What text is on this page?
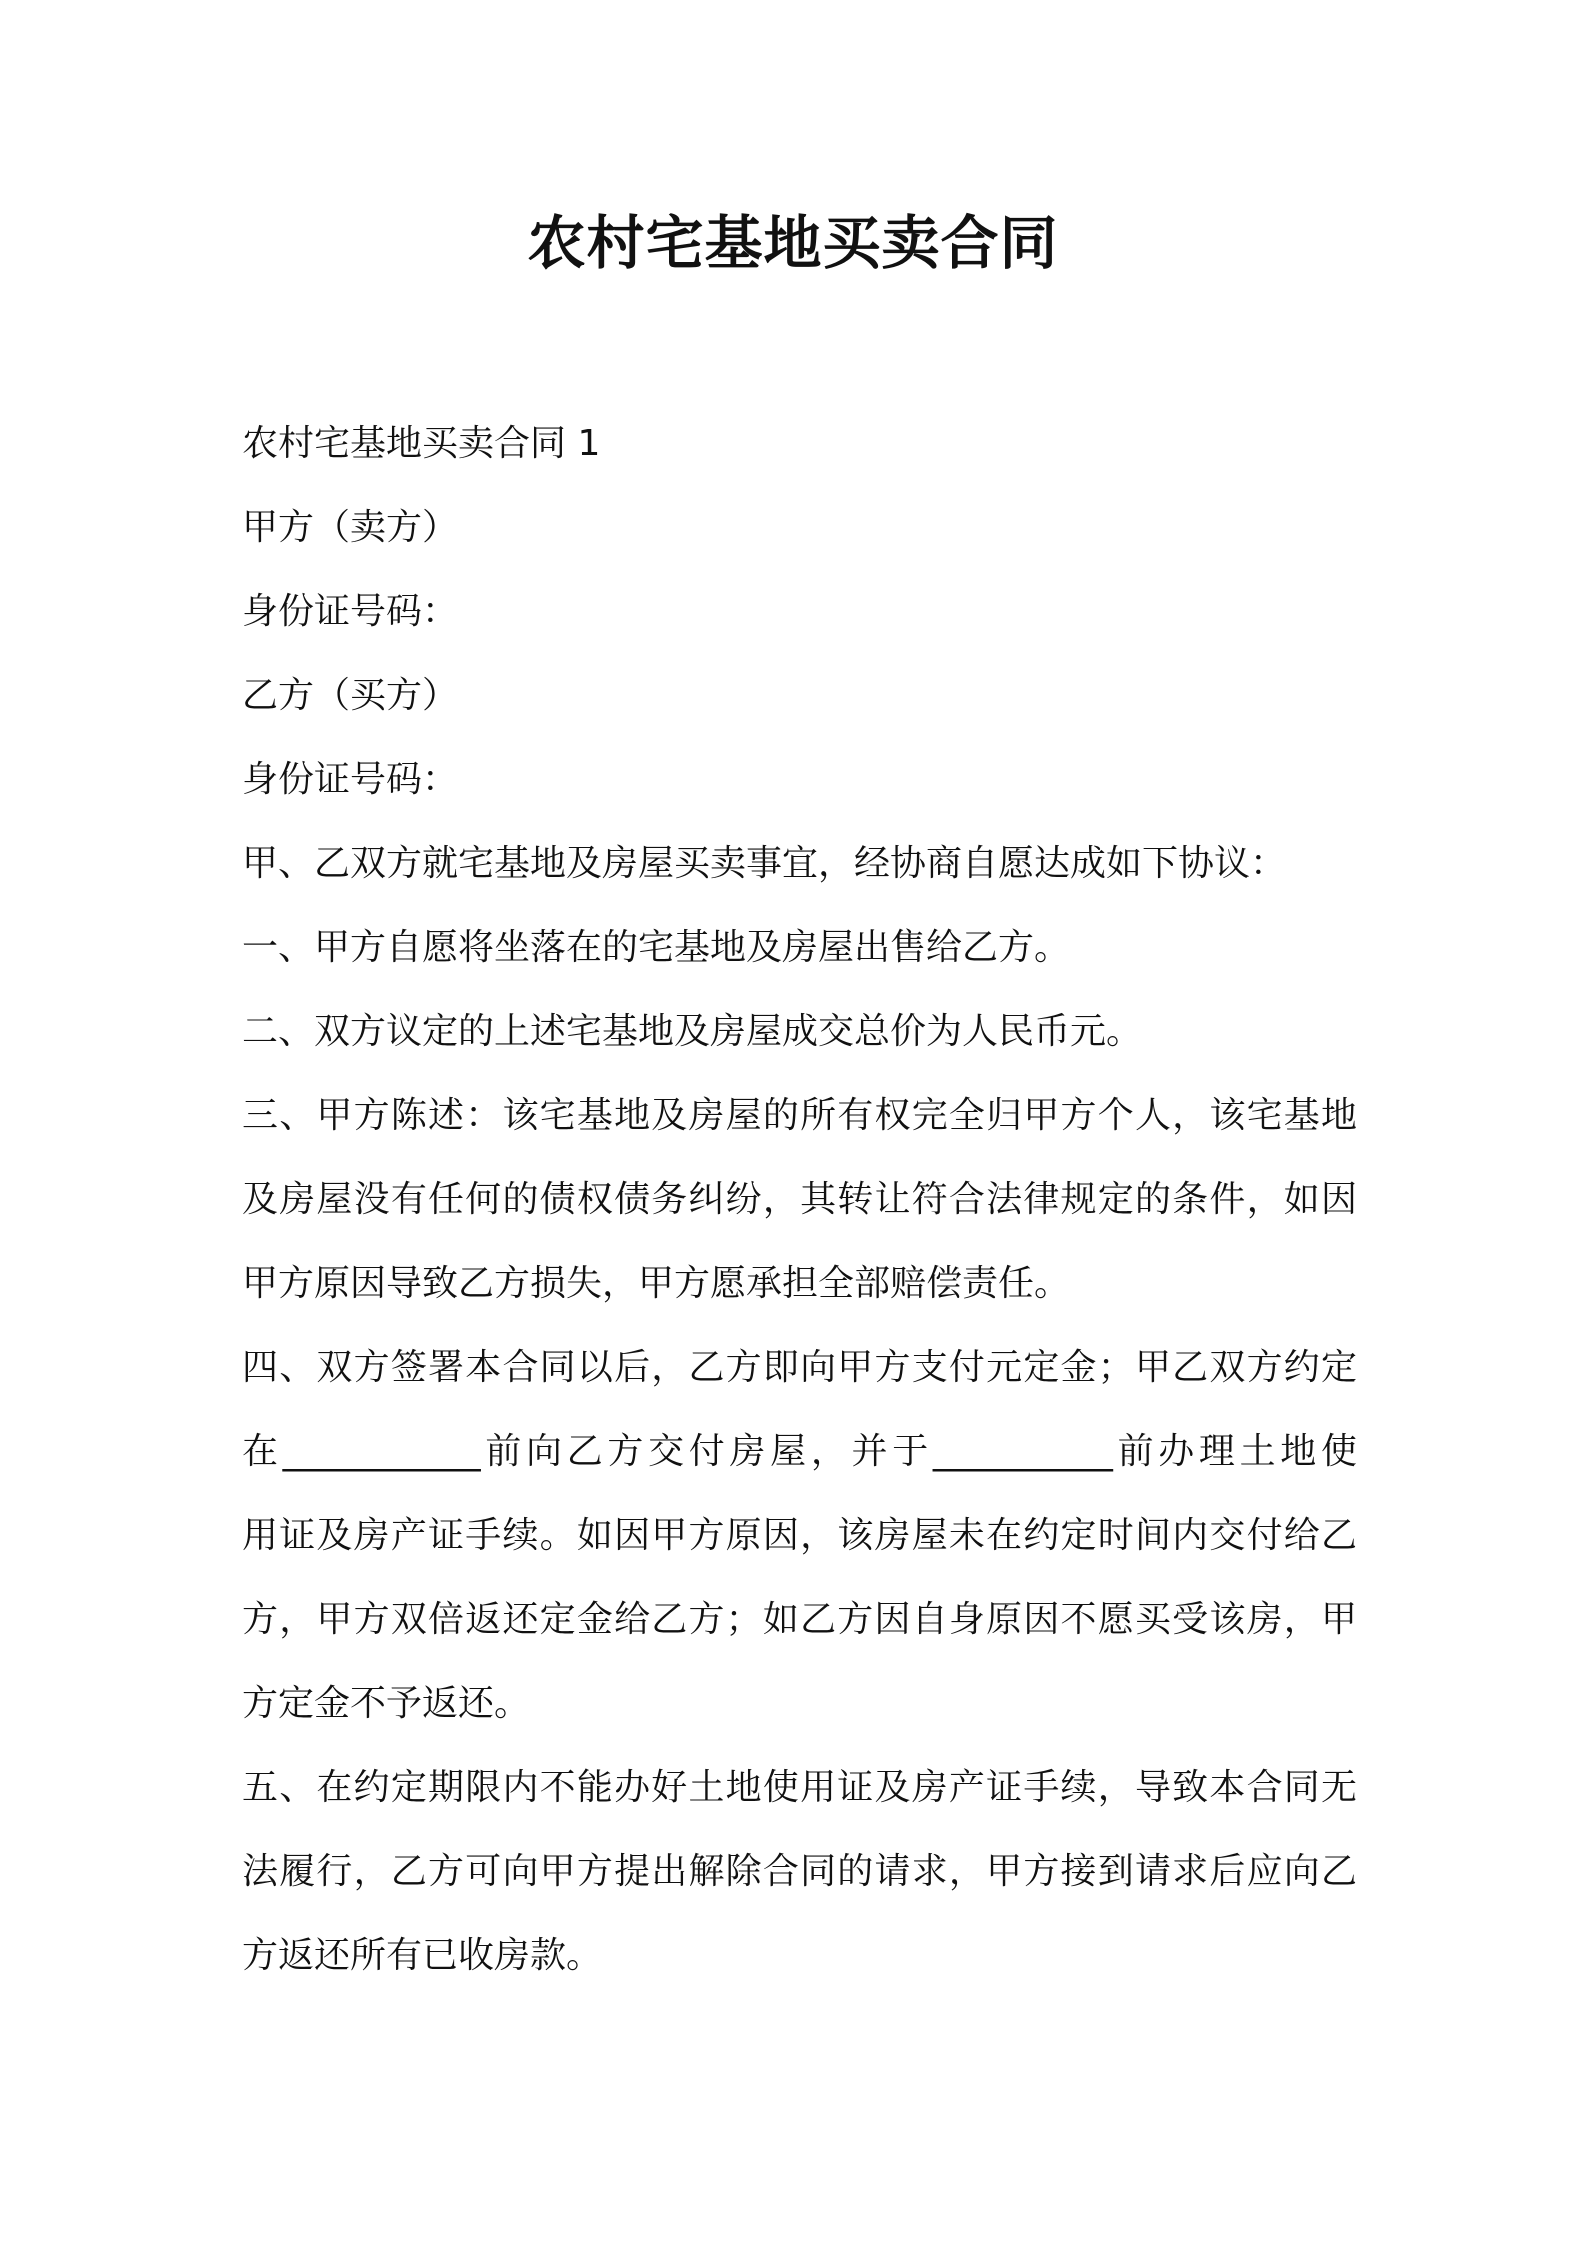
农村宅基地买卖合同
农村宅基地买卖合同 1
甲方（卖方）
身份证号码：
乙方（买方）
身份证号码：
甲、乙双方就宅基地及房屋买卖事宜，经协商自愿达成如下协议：
一、甲方自愿将坐落在的宅基地及房屋出售给乙方。
二、双方议定的上述宅基地及房屋成交总价为人民币元。
三、甲方陈述：该宅基地及房屋的所有权完全归甲方个人，该宅基地
及房屋没有任何的债权债务纠纷，其转让符合法律规定的条件，如因
甲方原因导致乙方损失，甲方愿承担全部赔偿责任。
四、双方签署本合同以后，乙方即向甲方支付元定金；甲乙双方约定
在___________前向乙方交付房屋，并于__________前办理土地使
用证及房产证手续。如因甲方原因，该房屋未在约定时间内交付给乙
方，甲方双倍返还定金给乙方；如乙方因自身原因不愿买受该房，甲
方定金不予返还。
五、在约定期限内不能办好土地使用证及房产证手续，导致本合同无
法履行，乙方可向甲方提出解除合同的请求，甲方接到请求后应向乙
方返还所有已收房款。
